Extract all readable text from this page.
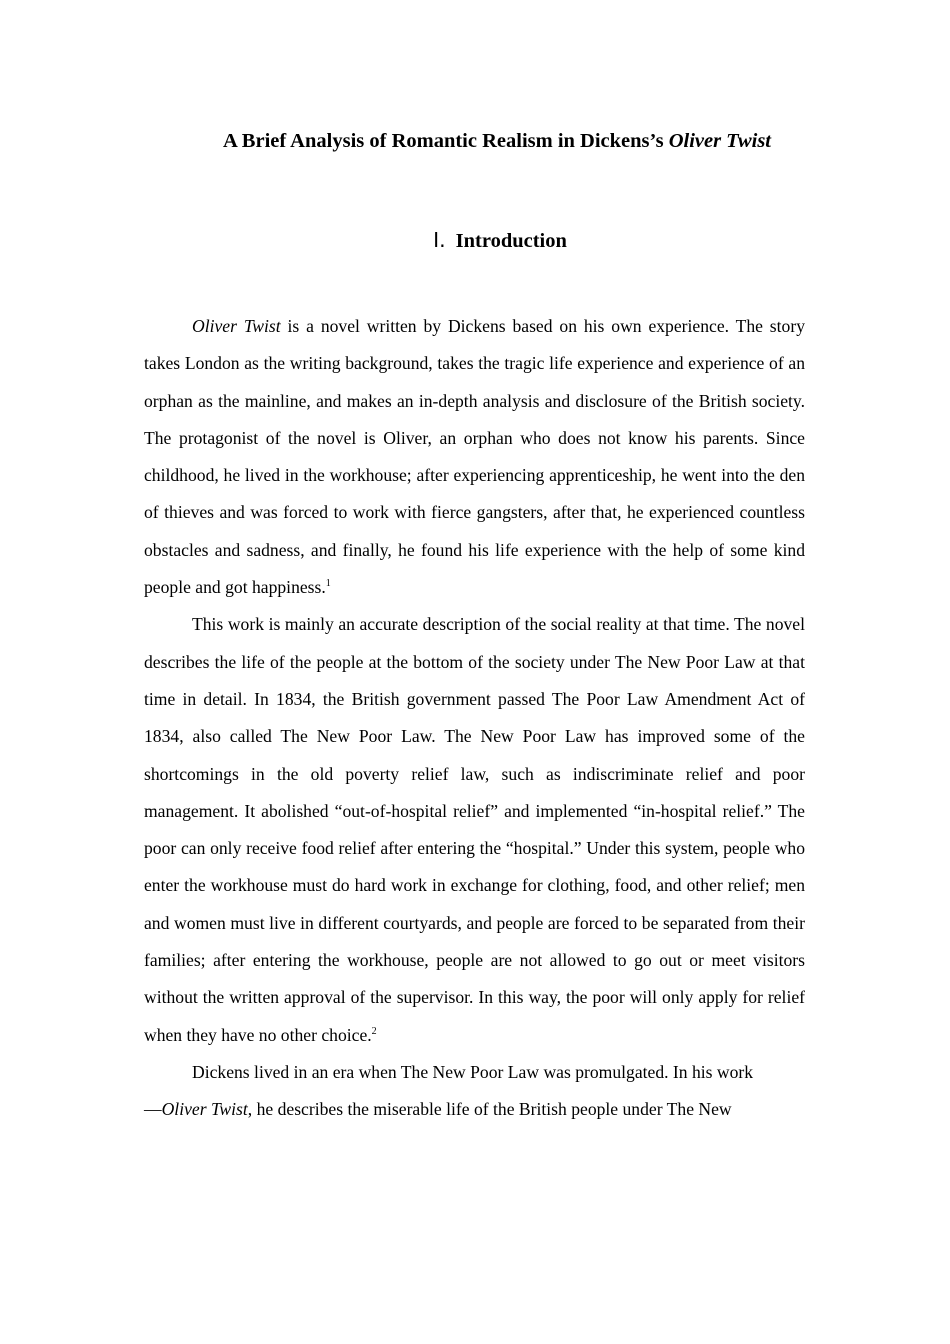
A Brief Analysis of Romantic Realism in Dickens’s Oliver Twist
Ⅰ. Introduction

Oliver Twist is a novel written by Dickens based on his own experience. The story takes London as the writing background, takes the tragic life experience and experience of an orphan as the mainline, and makes an in-depth analysis and disclosure of the British society. The protagonist of the novel is Oliver, an orphan who does not know his parents. Since childhood, he lived in the workhouse; after experiencing apprenticeship, he went into the den of thieves and was forced to work with fierce gangsters, after that, he experienced countless obstacles and sadness, and finally, he found his life experience with the help of some kind people and got happiness.$^1$

This work is mainly an accurate description of the social reality at that time. The novel describes the life of the people at the bottom of the society under The New Poor Law at that time in detail. In 1834, the British government passed The Poor Law Amendment Act of 1834, also called The New Poor Law. The New Poor Law has improved some of the shortcomings in the old poverty relief law, such as indiscriminate relief and poor management. It abolished “out-of-hospital relief” and implemented “in-hospital relief.” The poor can only receive food relief after entering the “hospital.” Under this system, people who enter the workhouse must do hard work in exchange for clothing, food, and other relief; men and women must live in different courtyards, and people are forced to be separated from their families; after entering the workhouse, people are not allowed to go out or meet visitors without the written approval of the supervisor. In this way, the poor will only apply for relief when they have no other choice.$^2$

Dickens lived in an era when The New Poor Law was promulgated. In his work

—Oliver Twist, he describes the miserable life of the British people under The New
